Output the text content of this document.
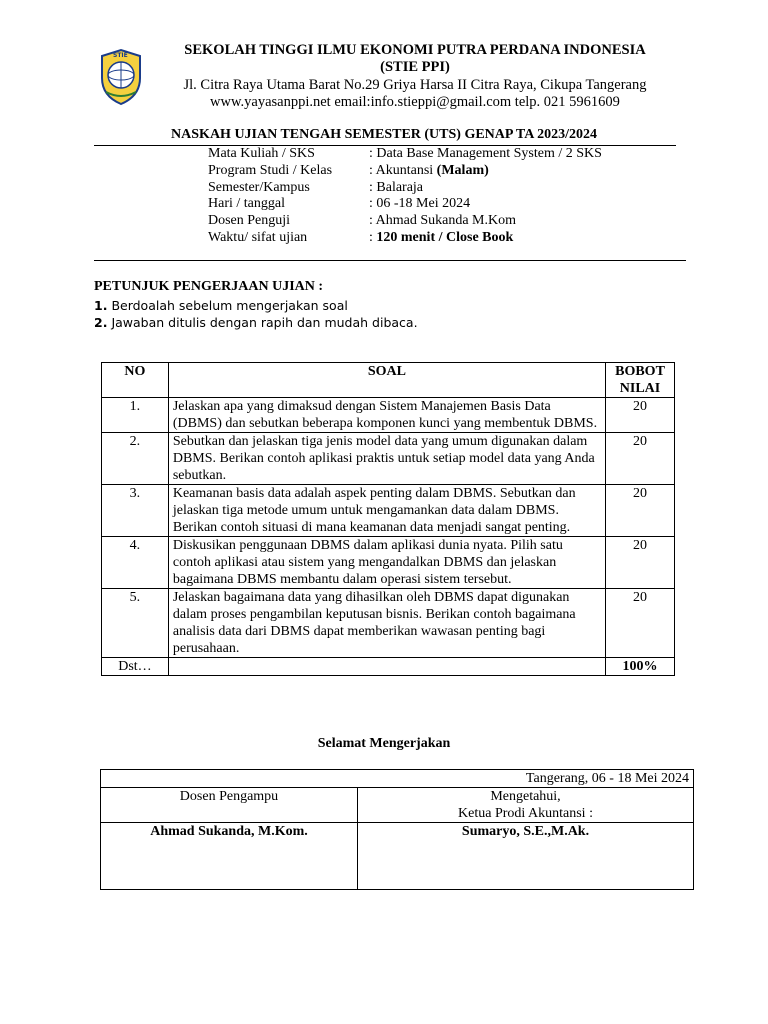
STIE	SEKOLAH TINGGI ILMU EKONOMI PUTRA PERDANA INDONESIA
(STIE PPI)
Jl. Citra Raya Utama Barat No.29 Griya Harsa II Citra Raya, Cikupa Tangerang
www.yayasanppi.net email:info.stieppi@gmail.com telp. 021 5961609
NASKAH UJIAN TENGAH SEMESTER (UTS) GENAP TA 2023/2024
Mata Kuliah / SKS	: Data Base Management System / 2 SKS
Program Studi / Kelas	: Akuntansi (Malam)
Semester/Kampus	: Balaraja
Hari / tanggal	: 06 -18 Mei 2024
Dosen Penguji	: Ahmad Sukanda M.Kom
Waktu/ sifat ujian	: 120 menit / Close Book
PETUNJUK PENGERJAAN UJIAN :
1. Berdoalah sebelum mengerjakan soal
2. Jawaban ditulis dengan rapih dan mudah dibaca.
NO	SOAL	BOBOT
NILAI
1.	Jelaskan apa yang dimaksud dengan Sistem Manajemen Basis Data (DBMS) dan sebutkan beberapa komponen kunci yang membentuk DBMS.	20
2.	Sebutkan dan jelaskan tiga jenis model data yang umum digunakan dalam DBMS. Berikan contoh aplikasi praktis untuk setiap model data yang Anda sebutkan.	20
3.	Keamanan basis data adalah aspek penting dalam DBMS. Sebutkan dan jelaskan tiga metode umum untuk mengamankan data dalam DBMS. Berikan contoh situasi di mana keamanan data menjadi sangat penting.	20
4.	Diskusikan penggunaan DBMS dalam aplikasi dunia nyata. Pilih satu contoh aplikasi atau sistem yang mengandalkan DBMS dan jelaskan bagaimana DBMS membantu dalam operasi sistem tersebut.	20
5.	Jelaskan bagaimana data yang dihasilkan oleh DBMS dapat digunakan dalam proses pengambilan keputusan bisnis. Berikan contoh bagaimana analisis data dari DBMS dapat memberikan wawasan penting bagi perusahaan.	20
Dst…		100%
Selamat Mengerjakan
Tangerang, 06 - 18 Mei 2024	
Dosen Pengampu	Mengetahui,
Ketua Prodi Akuntansi :

Ahmad Sukanda, M.Kom.	Sumaryo, S.E.,M.Ak.
